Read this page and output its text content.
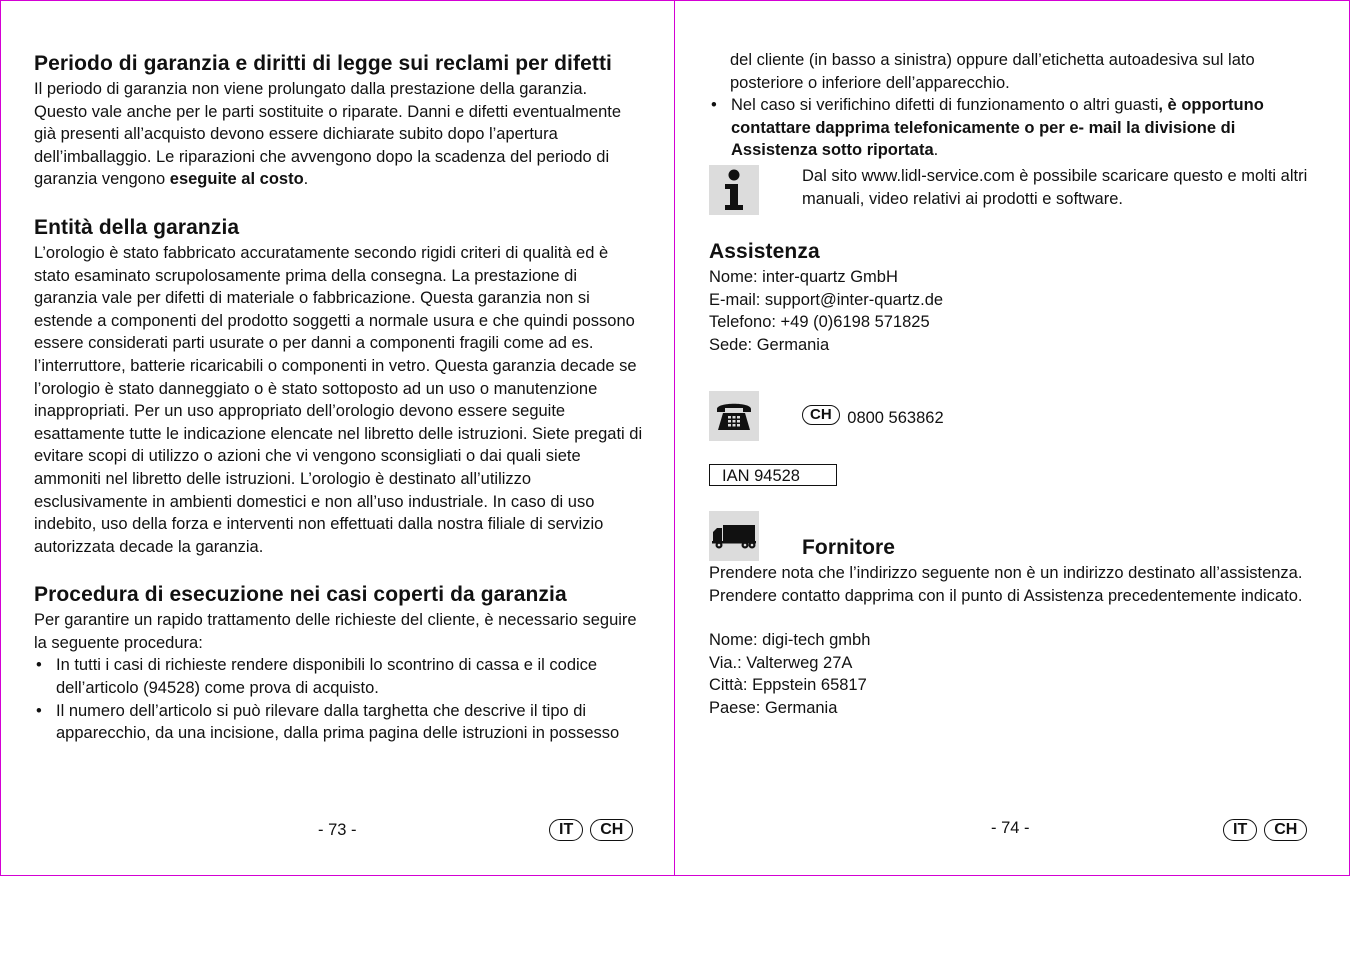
Periodo di garanzia e diritti di legge sui reclami per difetti

Il periodo di garanzia non viene prolungato dalla prestazione della garanzia. Questo vale anche per le parti sostituite o riparate. Danni e difetti eventualmente già presenti all’acquisto devono essere dichiarate subito dopo l’apertura dell’imballaggio. Le riparazioni che avvengono dopo la scadenza del periodo di garanzia vengono eseguite al costo.

Entità della garanzia

L’orologio è stato fabbricato accuratamente secondo rigidi criteri di qualità ed è stato esaminato scrupolosamente prima della consegna. La prestazione di garanzia vale per difetti di materiale o fabbricazione. Questa garanzia non si estende a componenti del prodotto soggetti a normale usura e che quindi possono essere considerati parti usurate o per danni a componenti fragili come ad es. l’interruttore, batterie ricaricabili o componenti in vetro. Questa garanzia decade se l’orologio è stato danneggiato o è stato sottoposto ad un uso o manutenzione inappropriati. Per un uso appropriato dell’orologio devono essere seguite esattamente tutte le indicazione elencate nel libretto delle istruzioni. Siete pregati di evitare scopi di utilizzo o azioni che vi vengono sconsigliati o dai quali siete ammoniti nel libretto delle istruzioni. L’orologio è destinato all’utilizzo esclusivamente in ambienti domestici e non all’uso industriale. In caso di uso indebito, uso della forza e interventi non effettuati dalla nostra filiale di servizio autorizzata decade la garanzia.

Procedura di esecuzione nei casi coperti da garanzia

Per garantire un rapido trattamento delle richieste del cliente, è necessario seguire la seguente procedura:

• In tutti i casi di richieste rendere disponibili lo scontrino di cassa e il codice dell’articolo (94528) come prova di acquisto.
• Il numero dell’articolo si può rilevare dalla targhetta che descrive il tipo di apparecchio, da una incisione, dalla prima pagina delle istruzioni in possesso
- 73 -	IT	CH

del cliente (in basso a sinistra) oppure dall’etichetta autoadesiva sul lato posteriore o inferiore dell’apparecchio.

• Nel caso si verifichino difetti di funzionamento o altri guasti, è opportuno contattare dapprima telefonicamente o per e- mail la divisione di Assistenza sotto riportata.

Dal sito www.lidl-service.com è possibile scaricare questo e molti altri manuali, video relativi ai prodotti e software.

Assistenza

Nome: inter-quartz GmbH

E-mail: support@inter-quartz.de

Telefono: +49 (0)6198 571825

Sede: Germania

CH 0800 563862
IAN 94528
Fornitore

Prendere nota che l’indirizzo seguente non è un indirizzo destinato all’assistenza. Prendere contatto dapprima con il punto di Assistenza precedentemente indicato.

Nome: digi-tech gmbh

Via.: Valterweg 27A

Città: Eppstein 65817

Paese: Germania

- 74 -	IT	CH
